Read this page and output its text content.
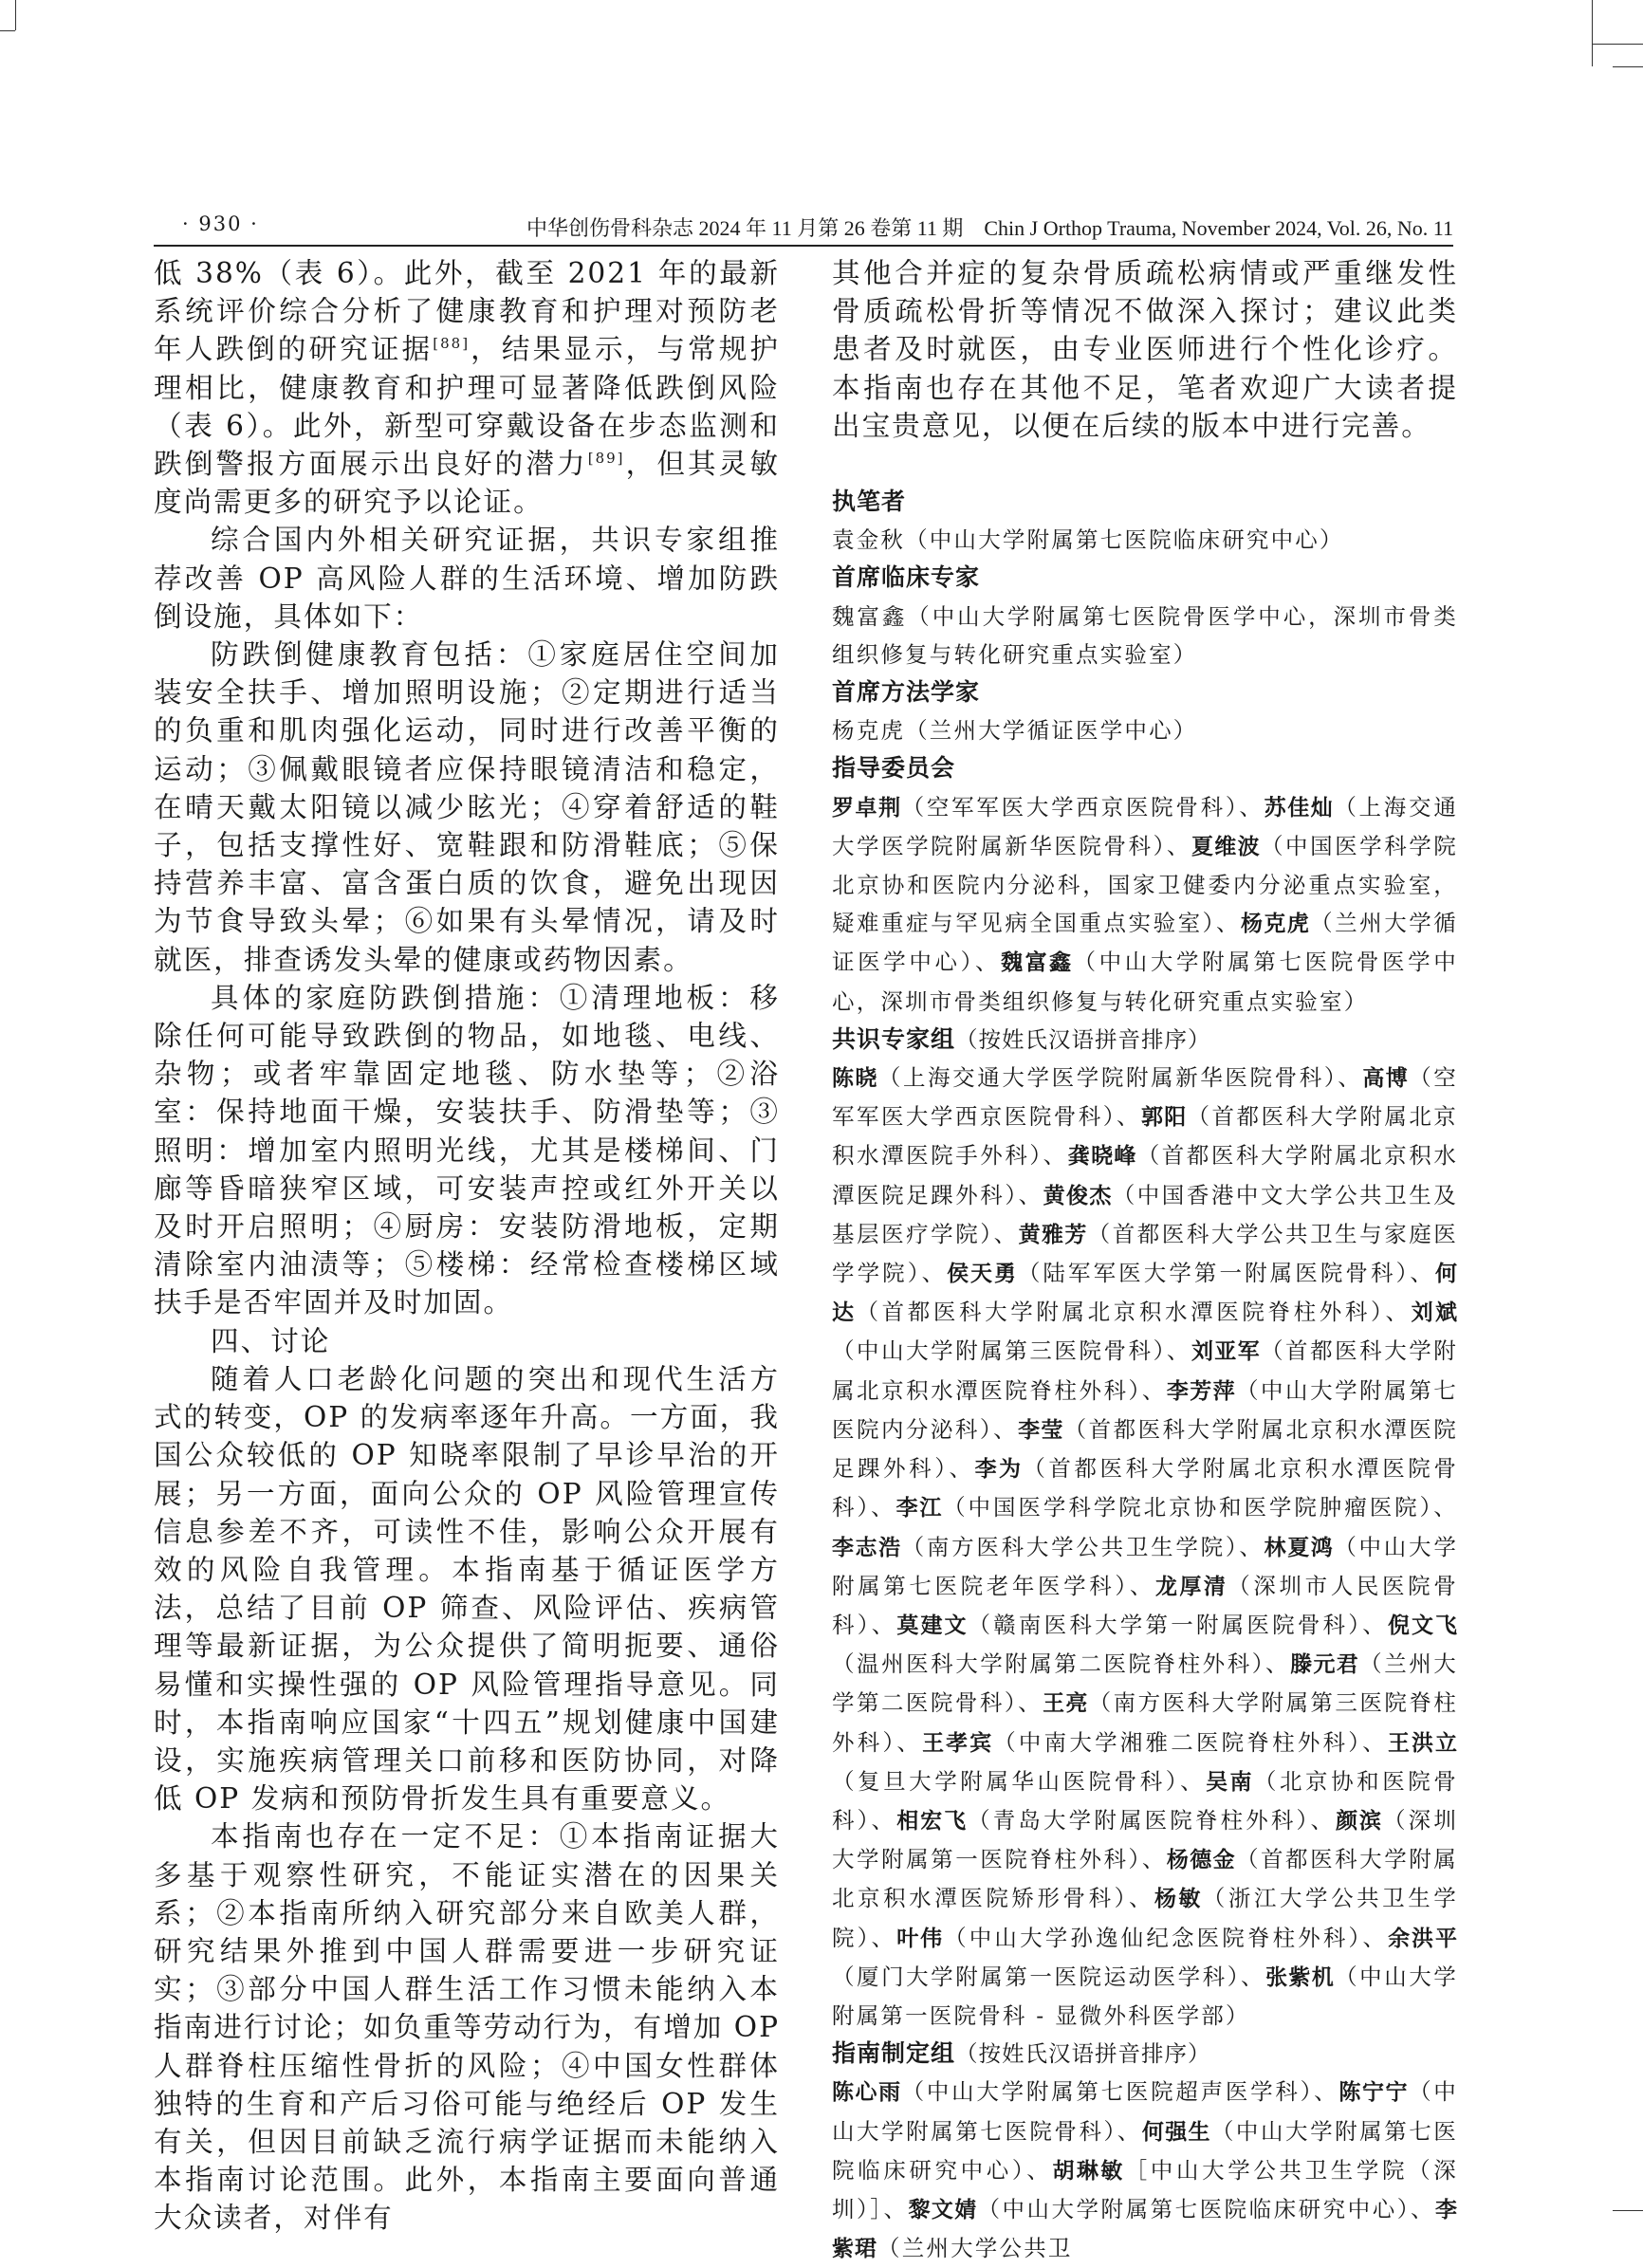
· 930 ·	中华创伤骨科杂志 2024 年 11 月第 26 卷第 11 期　Chin J Orthop Trauma, November 2024, Vol. 26, No. 11

低 38%（表 6）。此外，截至 2021 年的最新系统评价综合分析了健康教育和护理对预防老年人跌倒的研究证据[88]，结果显示，与常规护理相比，健康教育和护理可显著降低跌倒风险（表 6）。此外，新型可穿戴设备在步态监测和跌倒警报方面展示出良好的潜力[89]，但其灵敏度尚需更多的研究予以论证。

综合国内外相关研究证据，共识专家组推荐改善 OP 高风险人群的生活环境、增加防跌倒设施，具体如下：

防跌倒健康教育包括：①家庭居住空间加装安全扶手、增加照明设施；②定期进行适当的负重和肌肉强化运动，同时进行改善平衡的运动；③佩戴眼镜者应保持眼镜清洁和稳定，在晴天戴太阳镜以减少眩光；④穿着舒适的鞋子，包括支撑性好、宽鞋跟和防滑鞋底；⑤保持营养丰富、富含蛋白质的饮食，避免出现因为节食导致头晕；⑥如果有头晕情况，请及时就医，排查诱发头晕的健康或药物因素。

具体的家庭防跌倒措施：①清理地板：移除任何可能导致跌倒的物品，如地毯、电线、杂物；或者牢靠固定地毯、防水垫等；②浴室：保持地面干燥，安装扶手、防滑垫等；③照明：增加室内照明光线，尤其是楼梯间、门廊等昏暗狭窄区域，可安装声控或红外开关以及时开启照明；④厨房：安装防滑地板，定期清除室内油渍等；⑤楼梯：经常检查楼梯区域扶手是否牢固并及时加固。

四、讨论

随着人口老龄化问题的突出和现代生活方式的转变，OP 的发病率逐年升高。一方面，我国公众较低的 OP 知晓率限制了早诊早治的开展；另一方面，面向公众的 OP 风险管理宣传信息参差不齐，可读性不佳，影响公众开展有效的风险自我管理。本指南基于循证医学方法，总结了目前 OP 筛查、风险评估、疾病管理等最新证据，为公众提供了简明扼要、通俗易懂和实操性强的 OP 风险管理指导意见。同时，本指南响应国家“十四五”规划健康中国建设，实施疾病管理关口前移和医防协同，对降低 OP 发病和预防骨折发生具有重要意义。

本指南也存在一定不足：①本指南证据大多基于观察性研究，不能证实潜在的因果关系；②本指南所纳入研究部分来自欧美人群，研究结果外推到中国人群需要进一步研究证实；③部分中国人群生活工作习惯未能纳入本指南进行讨论；如负重等劳动行为，有增加 OP 人群脊柱压缩性骨折的风险；④中国女性群体独特的生育和产后习俗可能与绝经后 OP 发生有关，但因目前缺乏流行病学证据而未能纳入本指南讨论范围。此外，本指南主要面向普通大众读者，对伴有

其他合并症的复杂骨质疏松病情或严重继发性骨质疏松骨折等情况不做深入探讨；建议此类患者及时就医，由专业医师进行个性化诊疗。本指南也存在其他不足，笔者欢迎广大读者提出宝贵意见，以便在后续的版本中进行完善。

执笔者

袁金秋（中山大学附属第七医院临床研究中心）

首席临床专家

魏富鑫（中山大学附属第七医院骨医学中心，深圳市骨类组织修复与转化研究重点实验室）

首席方法学家

杨克虎（兰州大学循证医学中心）

指导委员会

罗卓荆（空军军医大学西京医院骨科）、苏佳灿（上海交通大学医学院附属新华医院骨科）、夏维波（中国医学科学院北京协和医院内分泌科，国家卫健委内分泌重点实验室，疑难重症与罕见病全国重点实验室）、杨克虎（兰州大学循证医学中心）、魏富鑫（中山大学附属第七医院骨医学中心，深圳市骨类组织修复与转化研究重点实验室）

共识专家组（按姓氏汉语拼音排序）

陈晓（上海交通大学医学院附属新华医院骨科）、高博（空军军医大学西京医院骨科）、郭阳（首都医科大学附属北京积水潭医院手外科）、龚晓峰（首都医科大学附属北京积水潭医院足踝外科）、黄俊杰（中国香港中文大学公共卫生及基层医疗学院）、黄雅芳（首都医科大学公共卫生与家庭医学学院）、侯天勇（陆军军医大学第一附属医院骨科）、何达（首都医科大学附属北京积水潭医院脊柱外科）、刘斌（中山大学附属第三医院骨科）、刘亚军（首都医科大学附属北京积水潭医院脊柱外科）、李芳萍（中山大学附属第七医院内分泌科）、李莹（首都医科大学附属北京积水潭医院足踝外科）、李为（首都医科大学附属北京积水潭医院骨科）、李江（中国医学科学院北京协和医学院肿瘤医院）、李志浩（南方医科大学公共卫生学院）、林夏鸿（中山大学附属第七医院老年医学科）、龙厚清（深圳市人民医院骨科）、莫建文（赣南医科大学第一附属医院骨科）、倪文飞（温州医科大学附属第二医院脊柱外科）、滕元君（兰州大学第二医院骨科）、王亮（南方医科大学附属第三医院脊柱外科）、王孝宾（中南大学湘雅二医院脊柱外科）、王洪立（复旦大学附属华山医院骨科）、吴南（北京协和医院骨科）、相宏飞（青岛大学附属医院脊柱外科）、颜滨（深圳大学附属第一医院脊柱外科）、杨德金（首都医科大学附属北京积水潭医院矫形骨科）、杨敏（浙江大学公共卫生学院）、叶伟（中山大学孙逸仙纪念医院脊柱外科）、余洪平（厦门大学附属第一医院运动医学科）、张紫机（中山大学附属第一医院骨科 - 显微外科医学部）

指南制定组（按姓氏汉语拼音排序）

陈心雨（中山大学附属第七医院超声医学科）、陈宁宁（中山大学附属第七医院骨科）、何强生（中山大学附属第七医院临床研究中心）、胡琳敏［中山大学公共卫生学院（深圳）］、黎文婧（中山大学附属第七医院临床研究中心）、李紫珺（兰州大学公共卫
